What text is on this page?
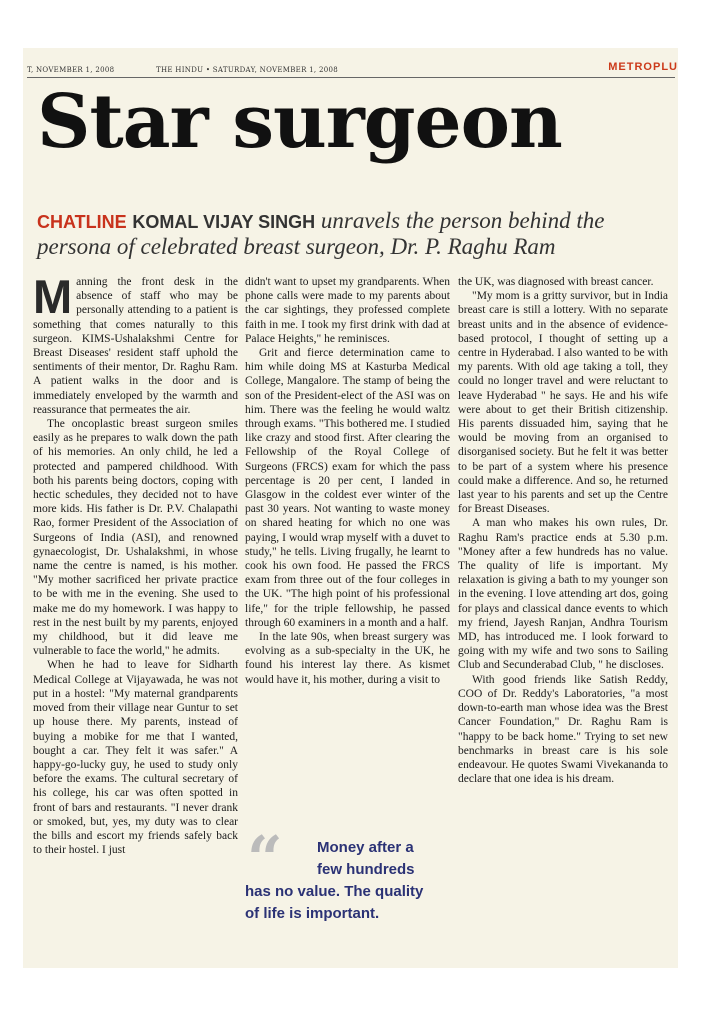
T, NOVEMBER 1, 2008	THE HINDU • SATURDAY, NOVEMBER 1, 2008	METROPLU
Star surgeon
CHATLINE KOMAL VIJAY SINGH unravels the person behind the persona of celebrated breast surgeon, Dr. P. Raghu Ram
M anning the front desk in the absence of staff who may be personally attending to a patient is something that comes naturally to this surgeon. KIMS-Ushalakshmi Centre for Breast Diseases' resident staff uphold the sentiments of their mentor, Dr. Raghu Ram. A patient walks in the door and is immediately enveloped by the warmth and reassurance that permeates the air.

The oncoplastic breast surgeon smiles easily as he prepares to walk down the path of his memories. An only child, he led a protected and pampered childhood. With both his parents being doctors, coping with hectic schedules, they decided not to have more kids. His father is Dr. P.V. Chalapathi Rao, former President of the Association of Surgeons of India (ASI), and renowned gynaecologist, Dr. Ushalakshmi, in whose name the centre is named, is his mother. "My mother sacrificed her private practice to be with me in the evening. She used to make me do my homework. I was happy to rest in the nest built by my parents, enjoyed my childhood, but it did leave me vulnerable to face the world," he admits.

When he had to leave for Sidharth Medical College at Vijayawada, he was not put in a hostel: "My maternal grandparents moved from their village near Guntur to set up house there. My parents, instead of buying a mobike for me that I wanted, bought a car. They felt it was safer." A happy-go-lucky guy, he used to study only before the exams. The cultural secretary of his college, his car was often spotted in front of bars and restaurants. "I never drank or smoked, but, yes, my duty was to clear the bills and escort my friends safely back to their hostel. I just

didn't want to upset my grandparents. When phone calls were made to my parents about the car sightings, they professed complete faith in me. I took my first drink with dad at Palace Heights," he reminisces.

Grit and fierce determination came to him while doing MS at Kasturba Medical College, Mangalore. The stamp of being the son of the President-elect of the ASI was on him. There was the feeling he would waltz through exams. "This bothered me. I studied like crazy and stood first. After clearing the Fellowship of the Royal College of Surgeons (FRCS) exam for which the pass percentage is 20 per cent, I landed in Glasgow in the coldest ever winter of the past 30 years. Not wanting to waste money on shared heating for which no one was paying, I would wrap myself with a duvet to study," he tells. Living frugally, he learnt to cook his own food. He passed the FRCS exam from three out of the four colleges in the UK. "The high point of his professional life," for the triple fellowship, he passed through 60 examiners in a month and a half.

In the late 90s, when breast surgery was evolving as a sub-specialty in the UK, he found his interest lay there. As kismet would have it, his mother, during a visit to

“ Money after a
few hundreds
has no value. The quality
of life is important.

the UK, was diagnosed with breast cancer.

"My mom is a gritty survivor, but in India breast care is still a lottery. With no separate breast units and in the absence of evidence-based protocol, I thought of setting up a centre in Hyderabad. I also wanted to be with my parents. With old age taking a toll, they could no longer travel and were reluctant to leave Hyderabad " he says. He and his wife were about to get their British citizenship. His parents dissuaded him, saying that he would be moving from an organised to disorganised society. But he felt it was better to be part of a system where his presence could make a difference. And so, he returned last year to his parents and set up the Centre for Breast Diseases.

A man who makes his own rules, Dr. Raghu Ram's practice ends at 5.30 p.m. "Money after a few hundreds has no value. The quality of life is important. My relaxation is giving a bath to my younger son in the evening. I love attending art dos, going for plays and classical dance events to which my friend, Jayesh Ranjan, Andhra Tourism MD, has introduced me. I look forward to going with my wife and two sons to Sailing Club and Secunderabad Club, " he discloses.

With good friends like Satish Reddy, COO of Dr. Reddy's Laboratories, "a most down-to-earth man whose idea was the Brest Cancer Foundation," Dr. Raghu Ram is "happy to be back home." Trying to set new benchmarks in breast care is his sole endeavour. He quotes Swami Vivekananda to declare that one idea is his dream.
